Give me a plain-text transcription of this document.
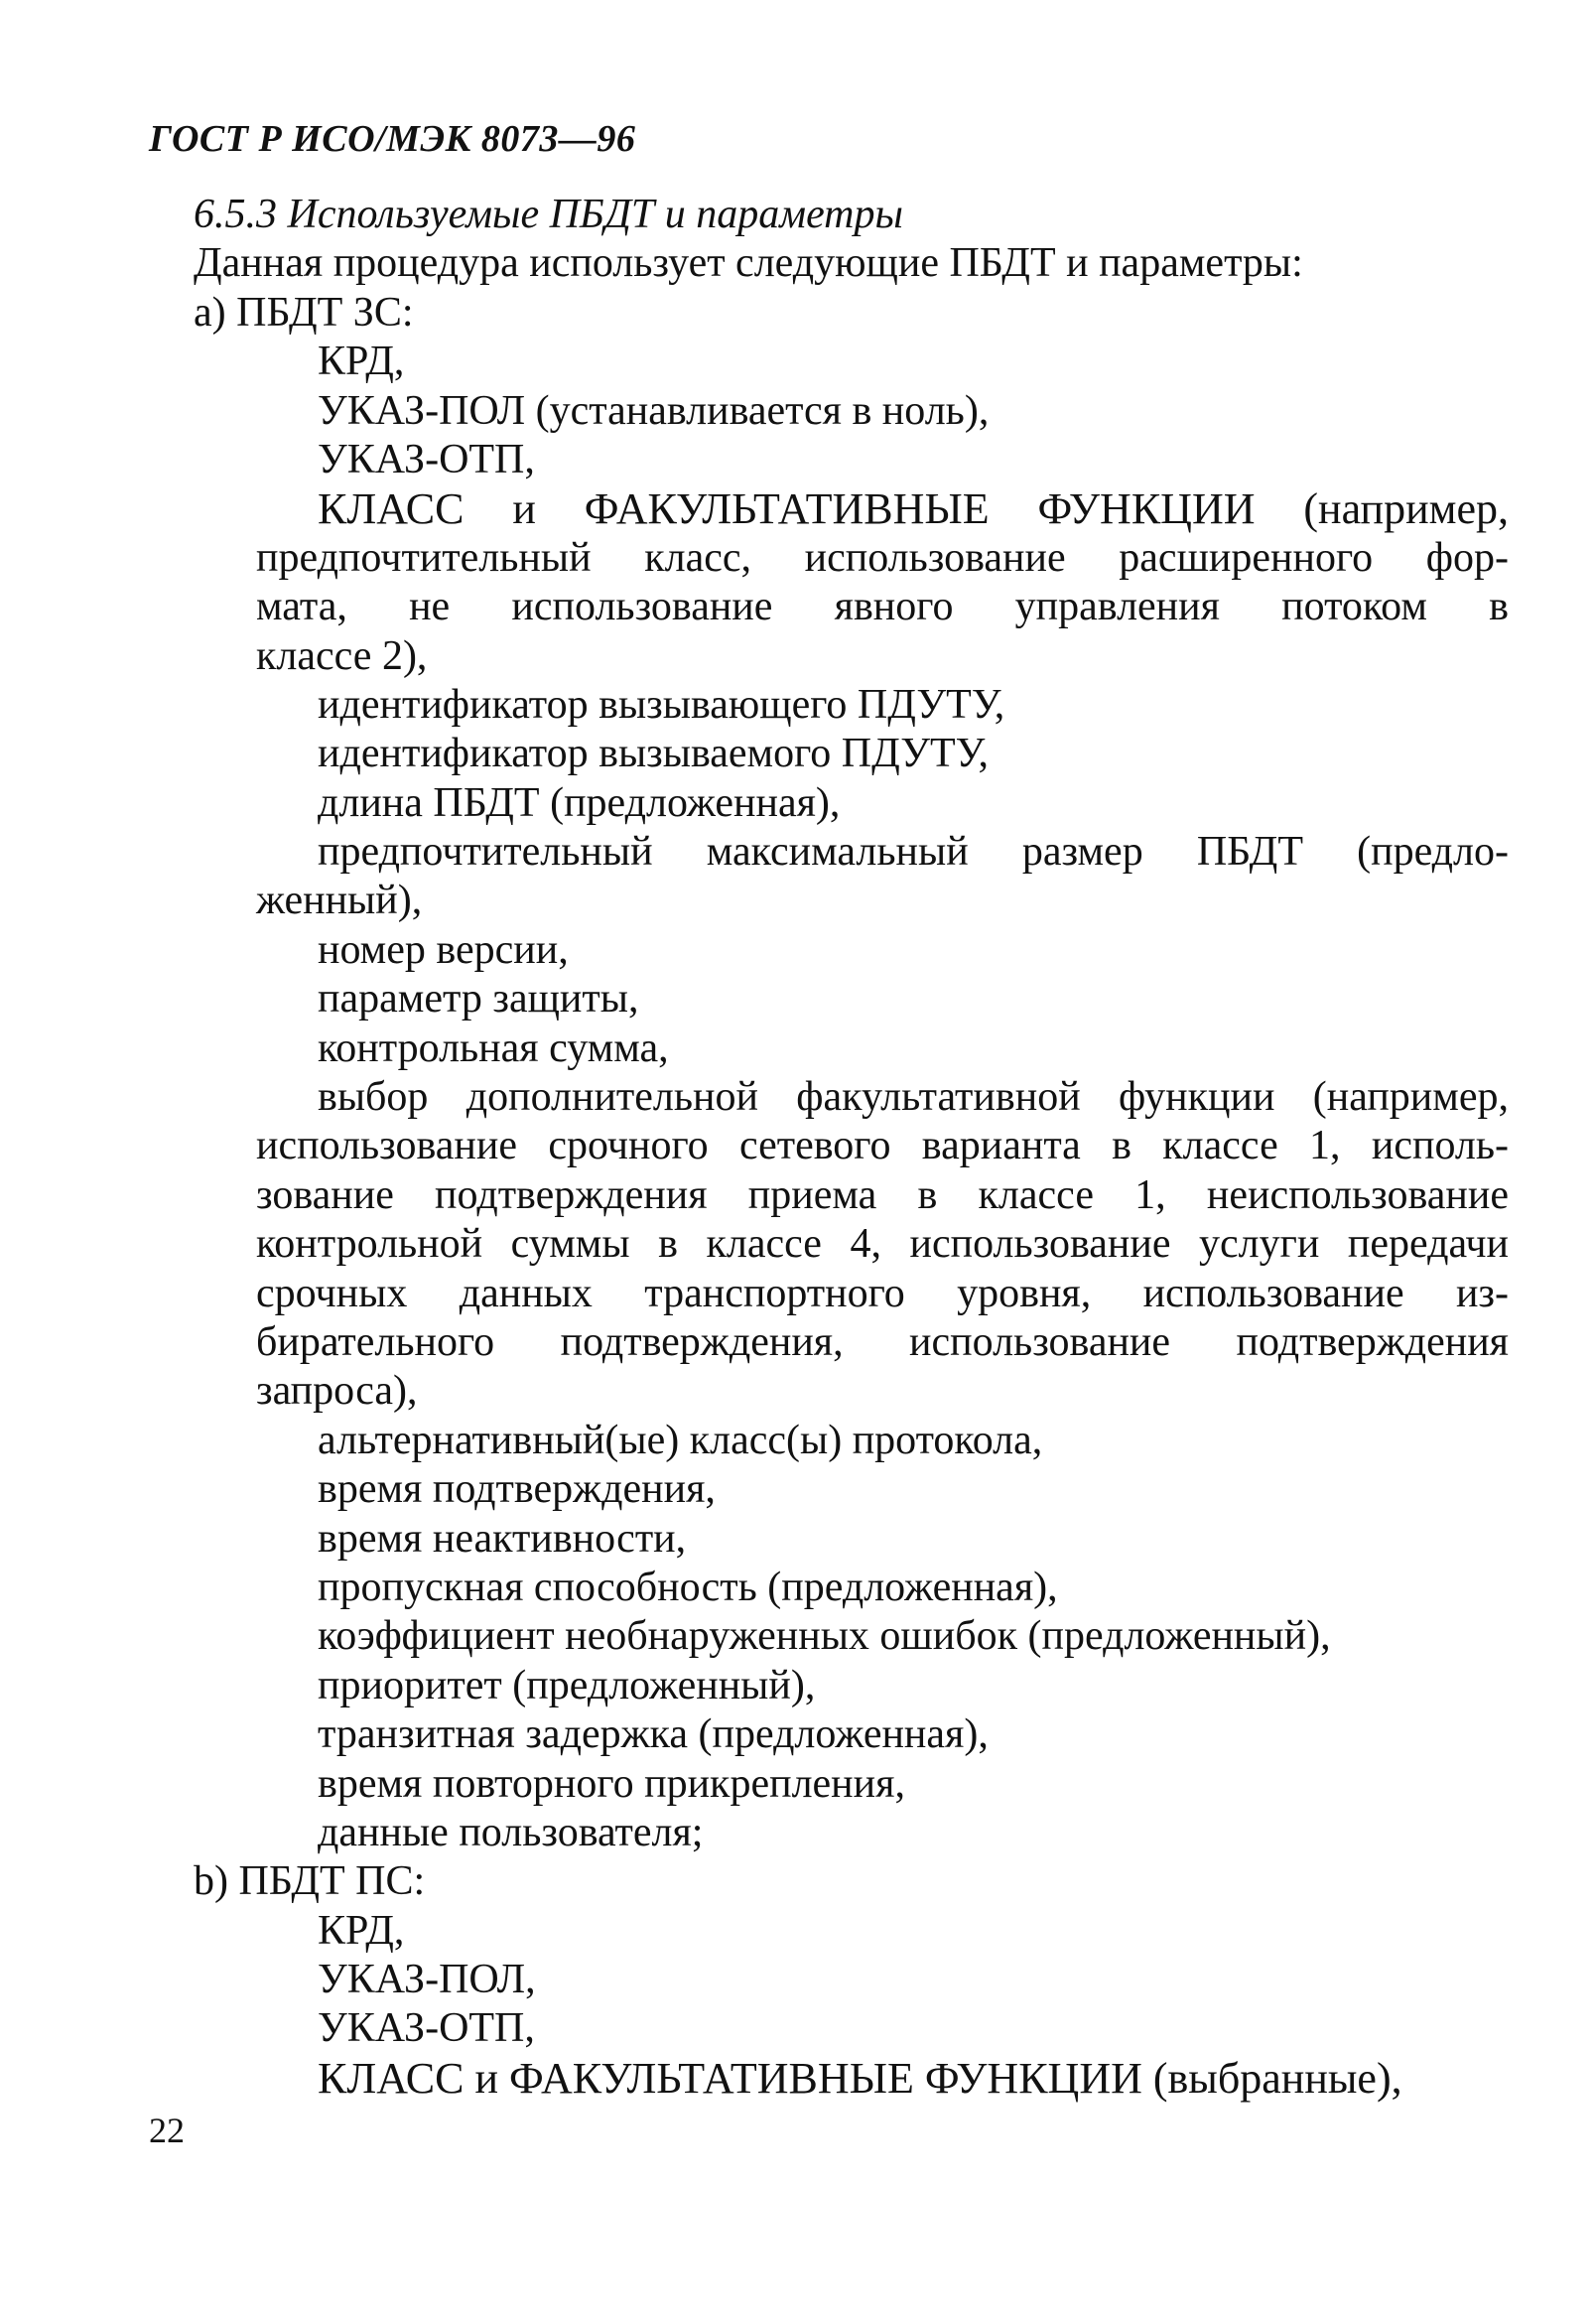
ГОСТ Р ИСО/МЭК 8073—96
6.5.3 Используемые ПБДТ и параметры
Данная процедура использует следующие ПБДТ и параметры:
a) ПБДТ ЗС:
КРД,
УКАЗ-ПОЛ (устанавливается в ноль),
УКАЗ-ОТП,
КЛАСС и ФАКУЛЬТАТИВНЫЕ ФУНКЦИИ (например,
предпочтительный класс, использование расширенного фор-
мата, не использование явного управления потоком в
классе 2),
идентификатор вызывающего ПДУТУ,
идентификатор вызываемого ПДУТУ,
длина ПБДТ (предложенная),
предпочтительный максимальный размер ПБДТ (предло-
женный),
номер версии,
параметр защиты,
контрольная сумма,
выбор дополнительной факультативной функции (например,
использование срочного сетевого варианта в классе 1, исполь-
зование подтверждения приема в классе 1, неиспользование
контрольной суммы в классе 4, использование услуги передачи
срочных данных транспортного уровня, использование из-
бирательного подтверждения, использование подтверждения
запроса),
альтернативный(ые) класс(ы) протокола,
время подтверждения,
время неактивности,
пропускная способность (предложенная),
коэффициент необнаруженных ошибок (предложенный),
приоритет (предложенный),
транзитная задержка (предложенная),
время повторного прикрепления,
данные пользователя;
b) ПБДТ ПС:
КРД,
УКАЗ-ПОЛ,
УКАЗ-ОТП,
КЛАСС и ФАКУЛЬТАТИВНЫЕ ФУНКЦИИ (выбранные),
22
